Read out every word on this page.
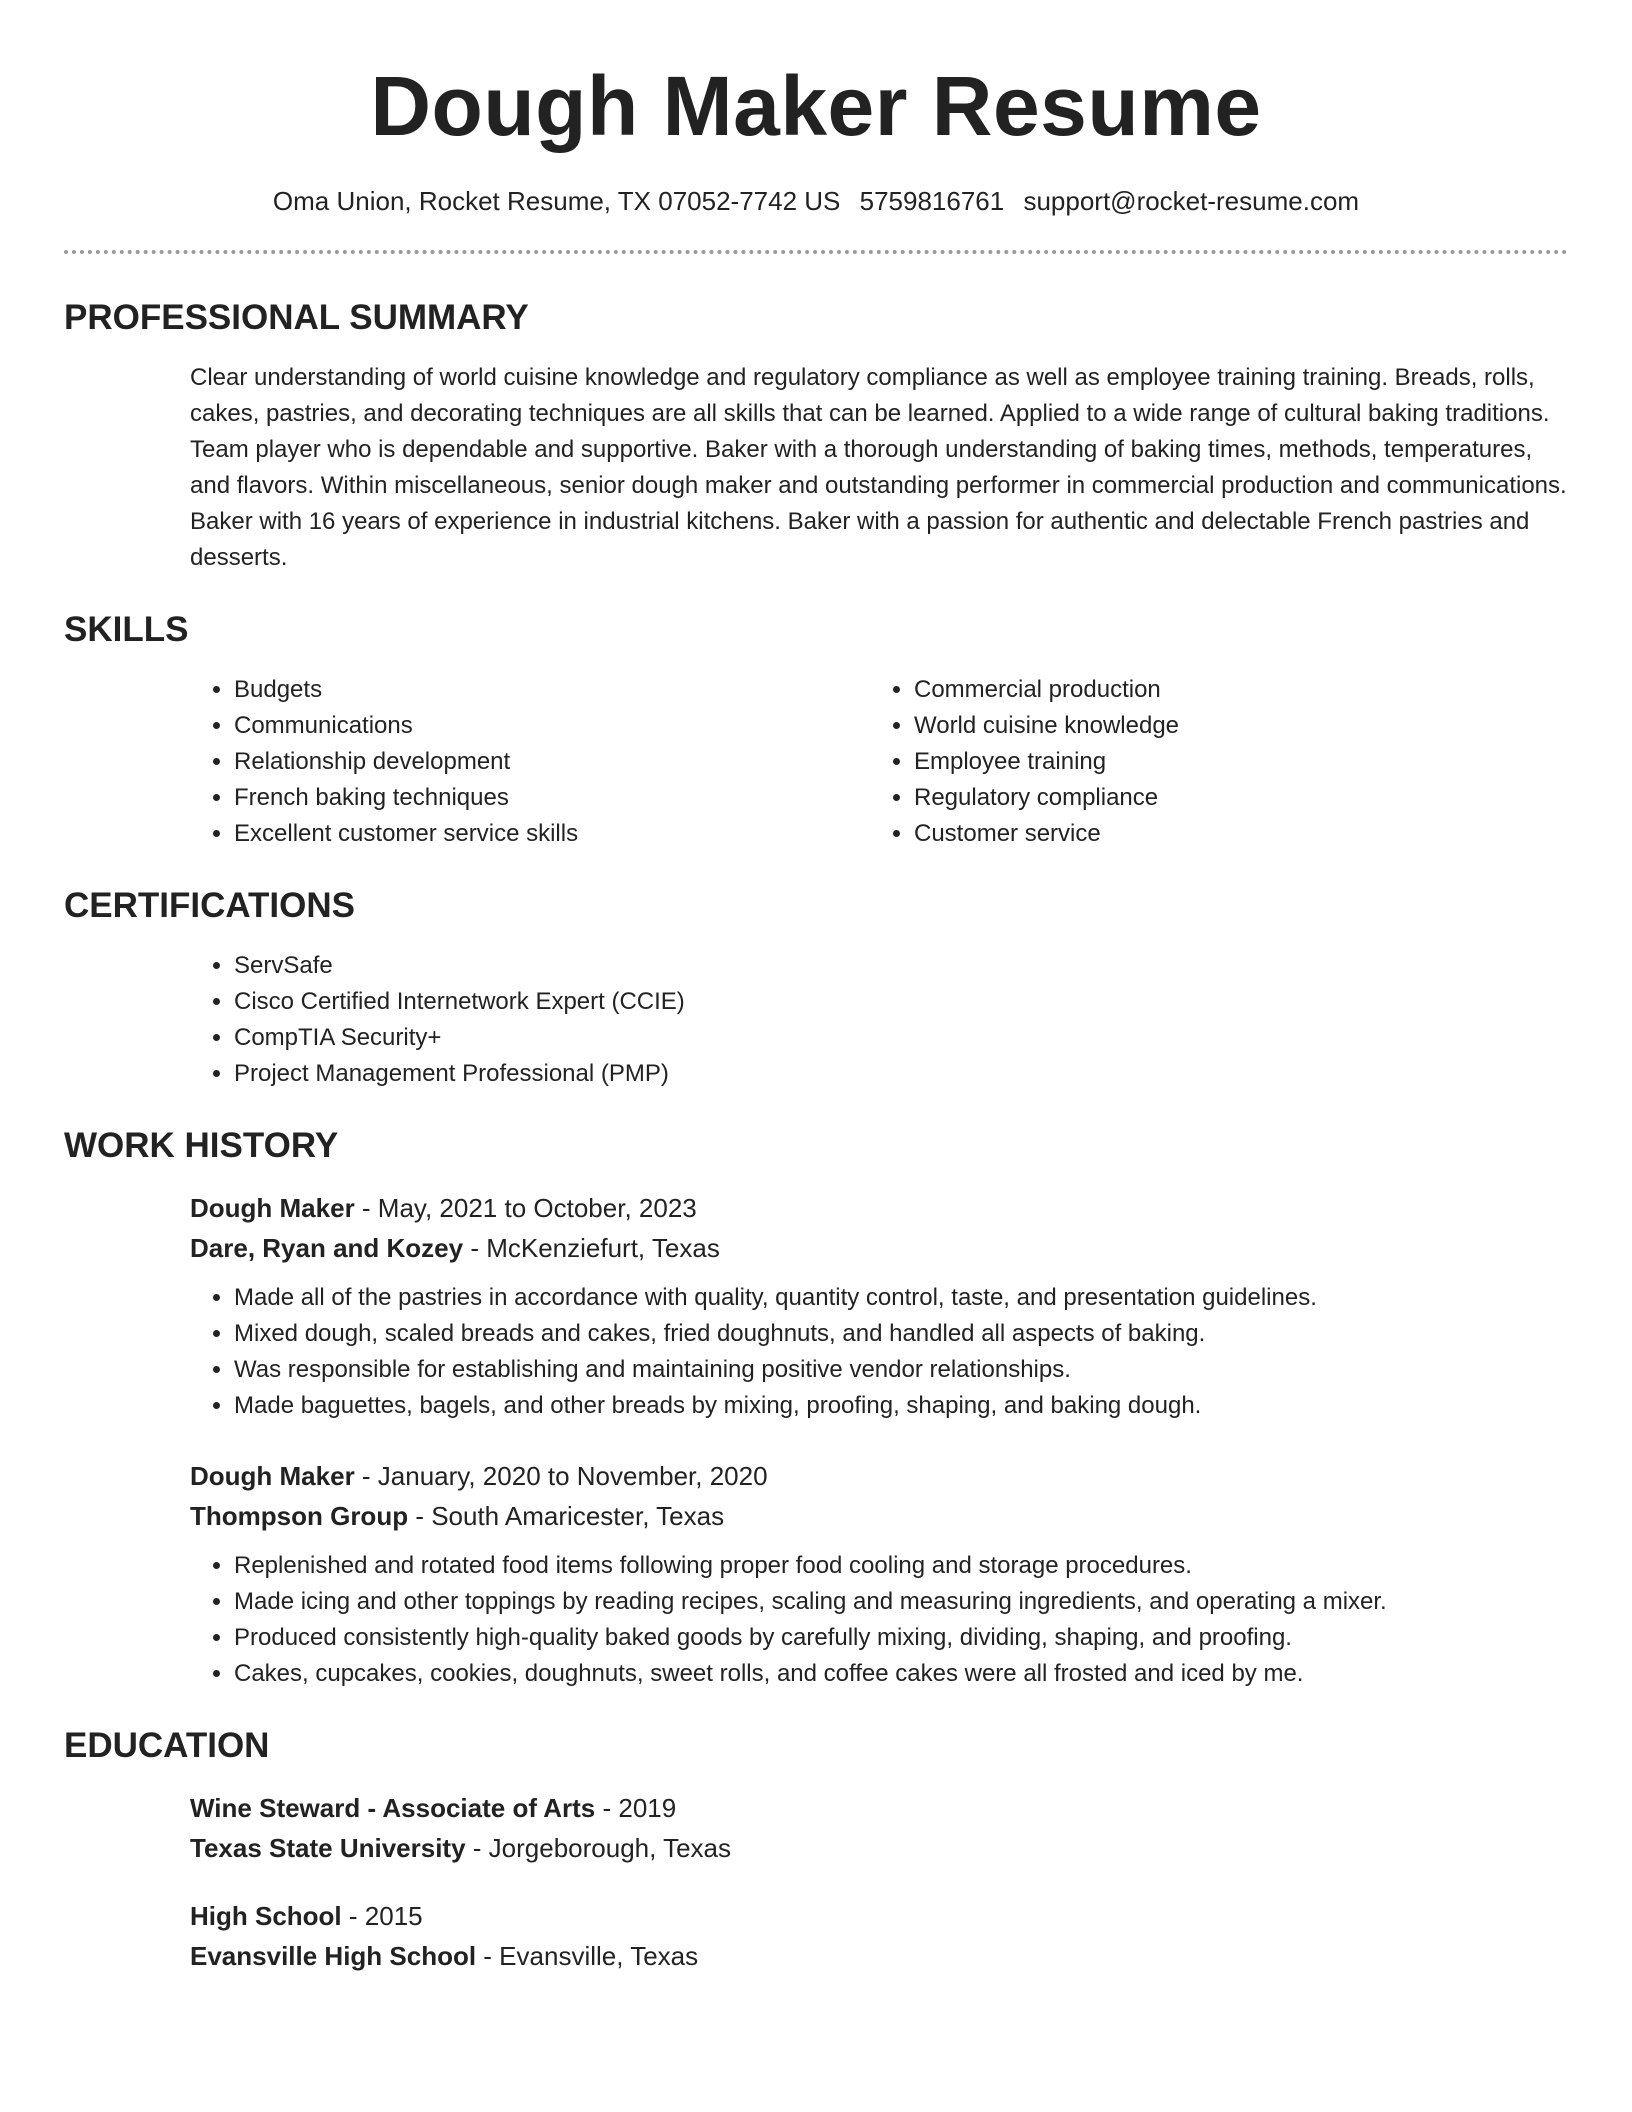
Dough Maker Resume
Oma Union, Rocket Resume, TX 07052-7742 US 5759816761 support@rocket-resume.com
PROFESSIONAL SUMMARY

Clear understanding of world cuisine knowledge and regulatory compliance as well as employee training training. Breads, rolls, cakes, pastries, and decorating techniques are all skills that can be learned. Applied to a wide range of cultural baking traditions. Team player who is dependable and supportive. Baker with a thorough understanding of baking times, methods, temperatures, and flavors. Within miscellaneous, senior dough maker and outstanding performer in commercial production and communications. Baker with 16 years of experience in industrial kitchens. Baker with a passion for authentic and delectable French pastries and desserts.

SKILLS
• Budgets
• Communications
• Relationship development
• French baking techniques
• Excellent customer service skills
• Commercial production
• World cuisine knowledge
• Employee training
• Regulatory compliance
• Customer service
CERTIFICATIONS
• ServSafe
• Cisco Certified Internetwork Expert (CCIE)
• CompTIA Security+
• Project Management Professional (PMP)
WORK HISTORY
Dough Maker - May, 2021 to October, 2023
Dare, Ryan and Kozey - McKenziefurt, Texas
• Made all of the pastries in accordance with quality, quantity control, taste, and presentation guidelines.
• Mixed dough, scaled breads and cakes, fried doughnuts, and handled all aspects of baking.
• Was responsible for establishing and maintaining positive vendor relationships.
• Made baguettes, bagels, and other breads by mixing, proofing, shaping, and baking dough.
Dough Maker - January, 2020 to November, 2020
Thompson Group - South Amaricester, Texas
• Replenished and rotated food items following proper food cooling and storage procedures.
• Made icing and other toppings by reading recipes, scaling and measuring ingredients, and operating a mixer.
• Produced consistently high-quality baked goods by carefully mixing, dividing, shaping, and proofing.
• Cakes, cupcakes, cookies, doughnuts, sweet rolls, and coffee cakes were all frosted and iced by me.
EDUCATION
Wine Steward - Associate of Arts - 2019
Texas State University - Jorgeborough, Texas
High School - 2015
Evansville High School - Evansville, Texas
